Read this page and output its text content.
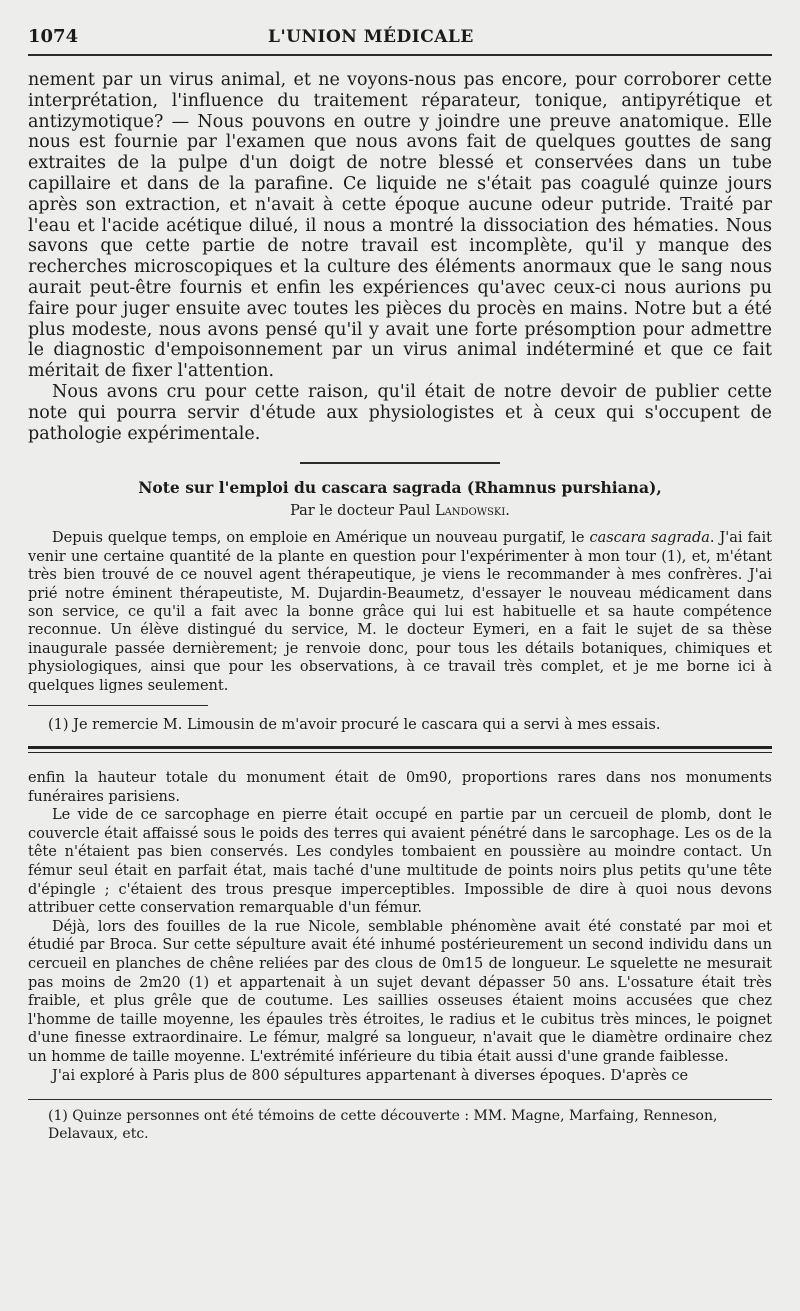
1074	L'UNION MÉDICALE

nement par un virus animal, et ne voyons-nous pas encore, pour corroborer cette interprétation, l'influence du traitement réparateur, tonique, antipyrétique et antizymotique? — Nous pouvons en outre y joindre une preuve anatomique. Elle nous est fournie par l'examen que nous avons fait de quelques gouttes de sang extraites de la pulpe d'un doigt de notre blessé et conservées dans un tube capillaire et dans de la parafine. Ce liquide ne s'était pas coagulé quinze jours après son extraction, et n'avait à cette époque aucune odeur putride. Traité par l'eau et l'acide acétique dilué, il nous a montré la dissociation des hématies. Nous savons que cette partie de notre travail est incomplète, qu'il y manque des recherches microscopiques et la culture des éléments anormaux que le sang nous aurait peut-être fournis et enfin les expériences qu'avec ceux-ci nous aurions pu faire pour juger ensuite avec toutes les pièces du procès en mains. Notre but a été plus modeste, nous avons pensé qu'il y avait une forte présomption pour admettre le diagnostic d'empoisonnement par un virus animal indéterminé et que ce fait méritait de fixer l'attention.

Nous avons cru pour cette raison, qu'il était de notre devoir de publier cette note qui pourra servir d'étude aux physiologistes et à ceux qui s'occupent de pathologie expérimentale.

Note sur l'emploi du cascara sagrada (Rhamnus purshiana),

Par le docteur Paul Landowski.

Depuis quelque temps, on emploie en Amérique un nouveau purgatif, le cascara sagrada. J'ai fait venir une certaine quantité de la plante en question pour l'expérimenter à mon tour (1), et, m'étant très bien trouvé de ce nouvel agent thérapeutique, je viens le recommander à mes confrères. J'ai prié notre éminent thérapeutiste, M. Dujardin-Beaumetz, d'essayer le nouveau médicament dans son service, ce qu'il a fait avec la bonne grâce qui lui est habituelle et sa haute compétence reconnue. Un élève distingué du service, M. le docteur Eymeri, en a fait le sujet de sa thèse inaugurale passée dernièrement; je renvoie donc, pour tous les détails botaniques, chimiques et physiologiques, ainsi que pour les observations, à ce travail très complet, et je me borne ici à quelques lignes seulement.

(1) Je remercie M. Limousin de m'avoir procuré le cascara qui a servi à mes essais.

enfin la hauteur totale du monument était de 0m90, proportions rares dans nos monuments funéraires parisiens.

Le vide de ce sarcophage en pierre était occupé en partie par un cercueil de plomb, dont le couvercle était affaissé sous le poids des terres qui avaient pénétré dans le sarcophage. Les os de la tête n'étaient pas bien conservés. Les condyles tombaient en poussière au moindre contact. Un fémur seul était en parfait état, mais taché d'une multitude de points noirs plus petits qu'une tête d'épingle ; c'étaient des trous presque imperceptibles. Impossible de dire à quoi nous devons attribuer cette conservation remarquable d'un fémur.

Déjà, lors des fouilles de la rue Nicole, semblable phénomène avait été constaté par moi et étudié par Broca. Sur cette sépulture avait été inhumé postérieurement un second individu dans un cercueil en planches de chêne reliées par des clous de 0m15 de longueur. Le squelette ne mesurait pas moins de 2m20 (1) et appartenait à un sujet devant dépasser 50 ans. L'ossature était très fraible, et plus grêle que de coutume. Les saillies osseuses étaient moins accusées que chez l'homme de taille moyenne, les épaules très étroites, le radius et le cubitus très minces, le poignet d'une finesse extraordinaire. Le fémur, malgré sa longueur, n'avait que le diamètre ordinaire chez un homme de taille moyenne. L'extrémité inférieure du tibia était aussi d'une grande faiblesse.

J'ai exploré à Paris plus de 800 sépultures appartenant à diverses époques. D'après ce

(1) Quinze personnes ont été témoins de cette découverte : MM. Magne, Marfaing, Renneson, Delavaux, etc.
